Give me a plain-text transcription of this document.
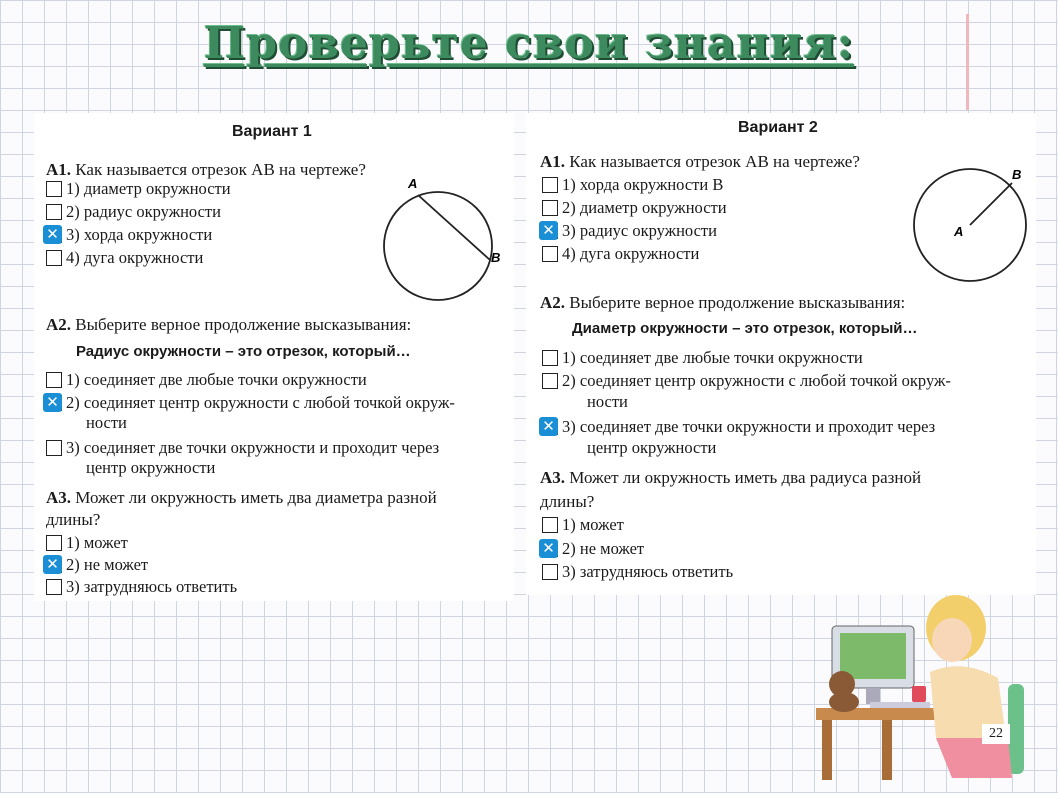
Проверьте свои знания:
Вариант 1
А1. Как называется отрезок АВ на чертеже?
1) диаметр окружности
2) радиус окружности
✕ 3) хорда окружности
4) дуга окружности
A
B
А2. Выберите верное продолжение высказывания:
Радиус окружности – это отрезок, который…
1) соединяет две любые точки окружности
✕ 2) соединяет центр окружности с любой точкой окруж-
ности
3) соединяет две точки окружности и проходит через
центр окружности
А3. Может ли окружность иметь два диаметра разной
длины?
1) может
✕ 2) не может
3) затрудняюсь ответить
Вариант 2
А1. Как называется отрезок АВ на чертеже?
1) хорда окружности В
2) диаметр окружности
✕ 3) радиус окружности
4) дуга окружности
A
B
А2. Выберите верное продолжение высказывания:
Диаметр окружности – это отрезок, который…
1) соединяет две любые точки окружности
2) соединяет центр окружности с любой точкой окруж-
ности
✕ 3) соединяет две точки окружности и проходит через
центр окружности
А3. Может ли окружность иметь два радиуса разной
длины?
1) может
✕ 2) не может
3) затрудняюсь ответить
22
